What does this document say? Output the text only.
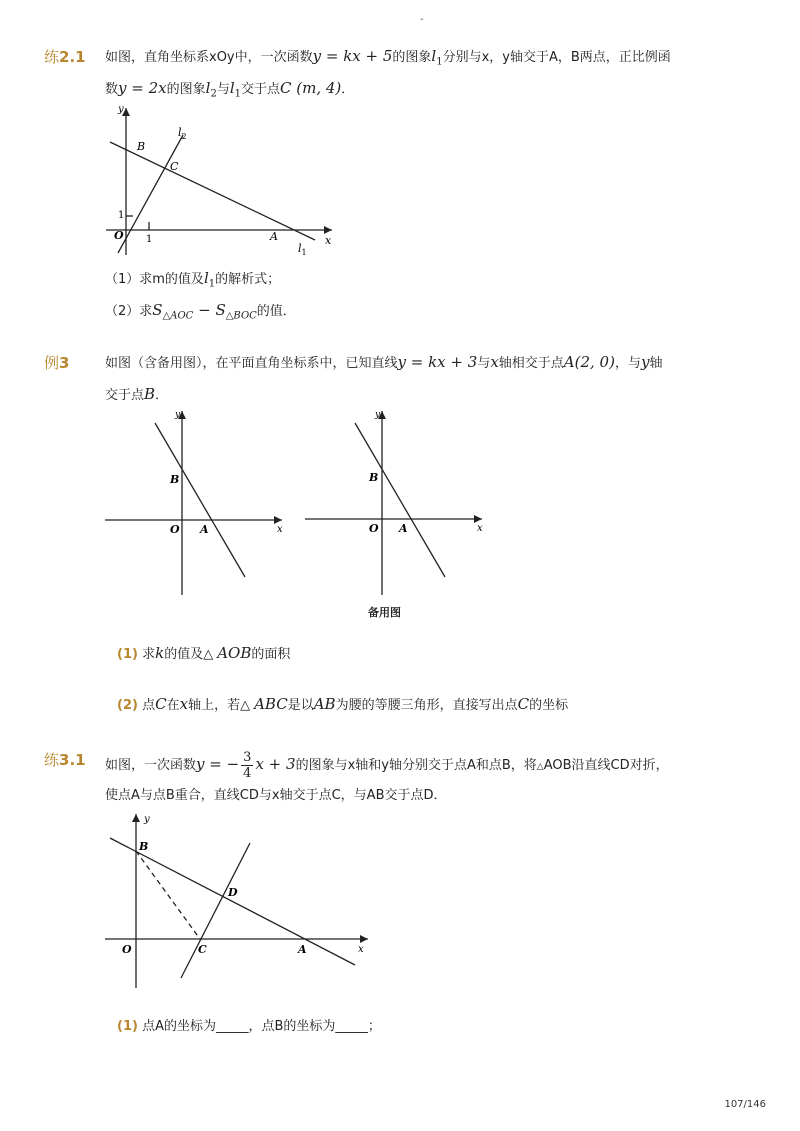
-
107/146
练2.1 如图，直角坐标系xOy中，一次函数y = kx + 5的图象$l_1$分别与x，y轴交于A，B两点，正比例函
数y = 2x的图象$l_2$与$l_1$交于点C (m, 4)．
y
x
B
C
O	A
1
1
$l_2$
$l_1$
（1）求m的值及$l_1$的解析式；
（2）求$S_{\triangle AOC} - S_{\triangle BOC}$的值．
例3	如图（含备用图），在平面直角坐标系中，已知直线y = kx + 3与x轴相交于点A(2, 0)，与y轴
交于点B．
y
x
B
O A
y
x
B
O A
备用图
(1) 求k的值及△ AOB的面积
(2) 点C在x轴上，若△ ABC是以AB为腰的等腰三角形，直接写出点C的坐标
练3.1 如图，一次函数y = − $\frac{3}{4}$ x + 3的图象与x轴和y轴分别交于点A和点B，将△AOB沿直线CD对折，
使点A与点B重合，直线CD与x轴交于点C，与AB交于点D．
y
x
B
D
O	C	A
(1) 点A的坐标为_____，点B的坐标为_____；
